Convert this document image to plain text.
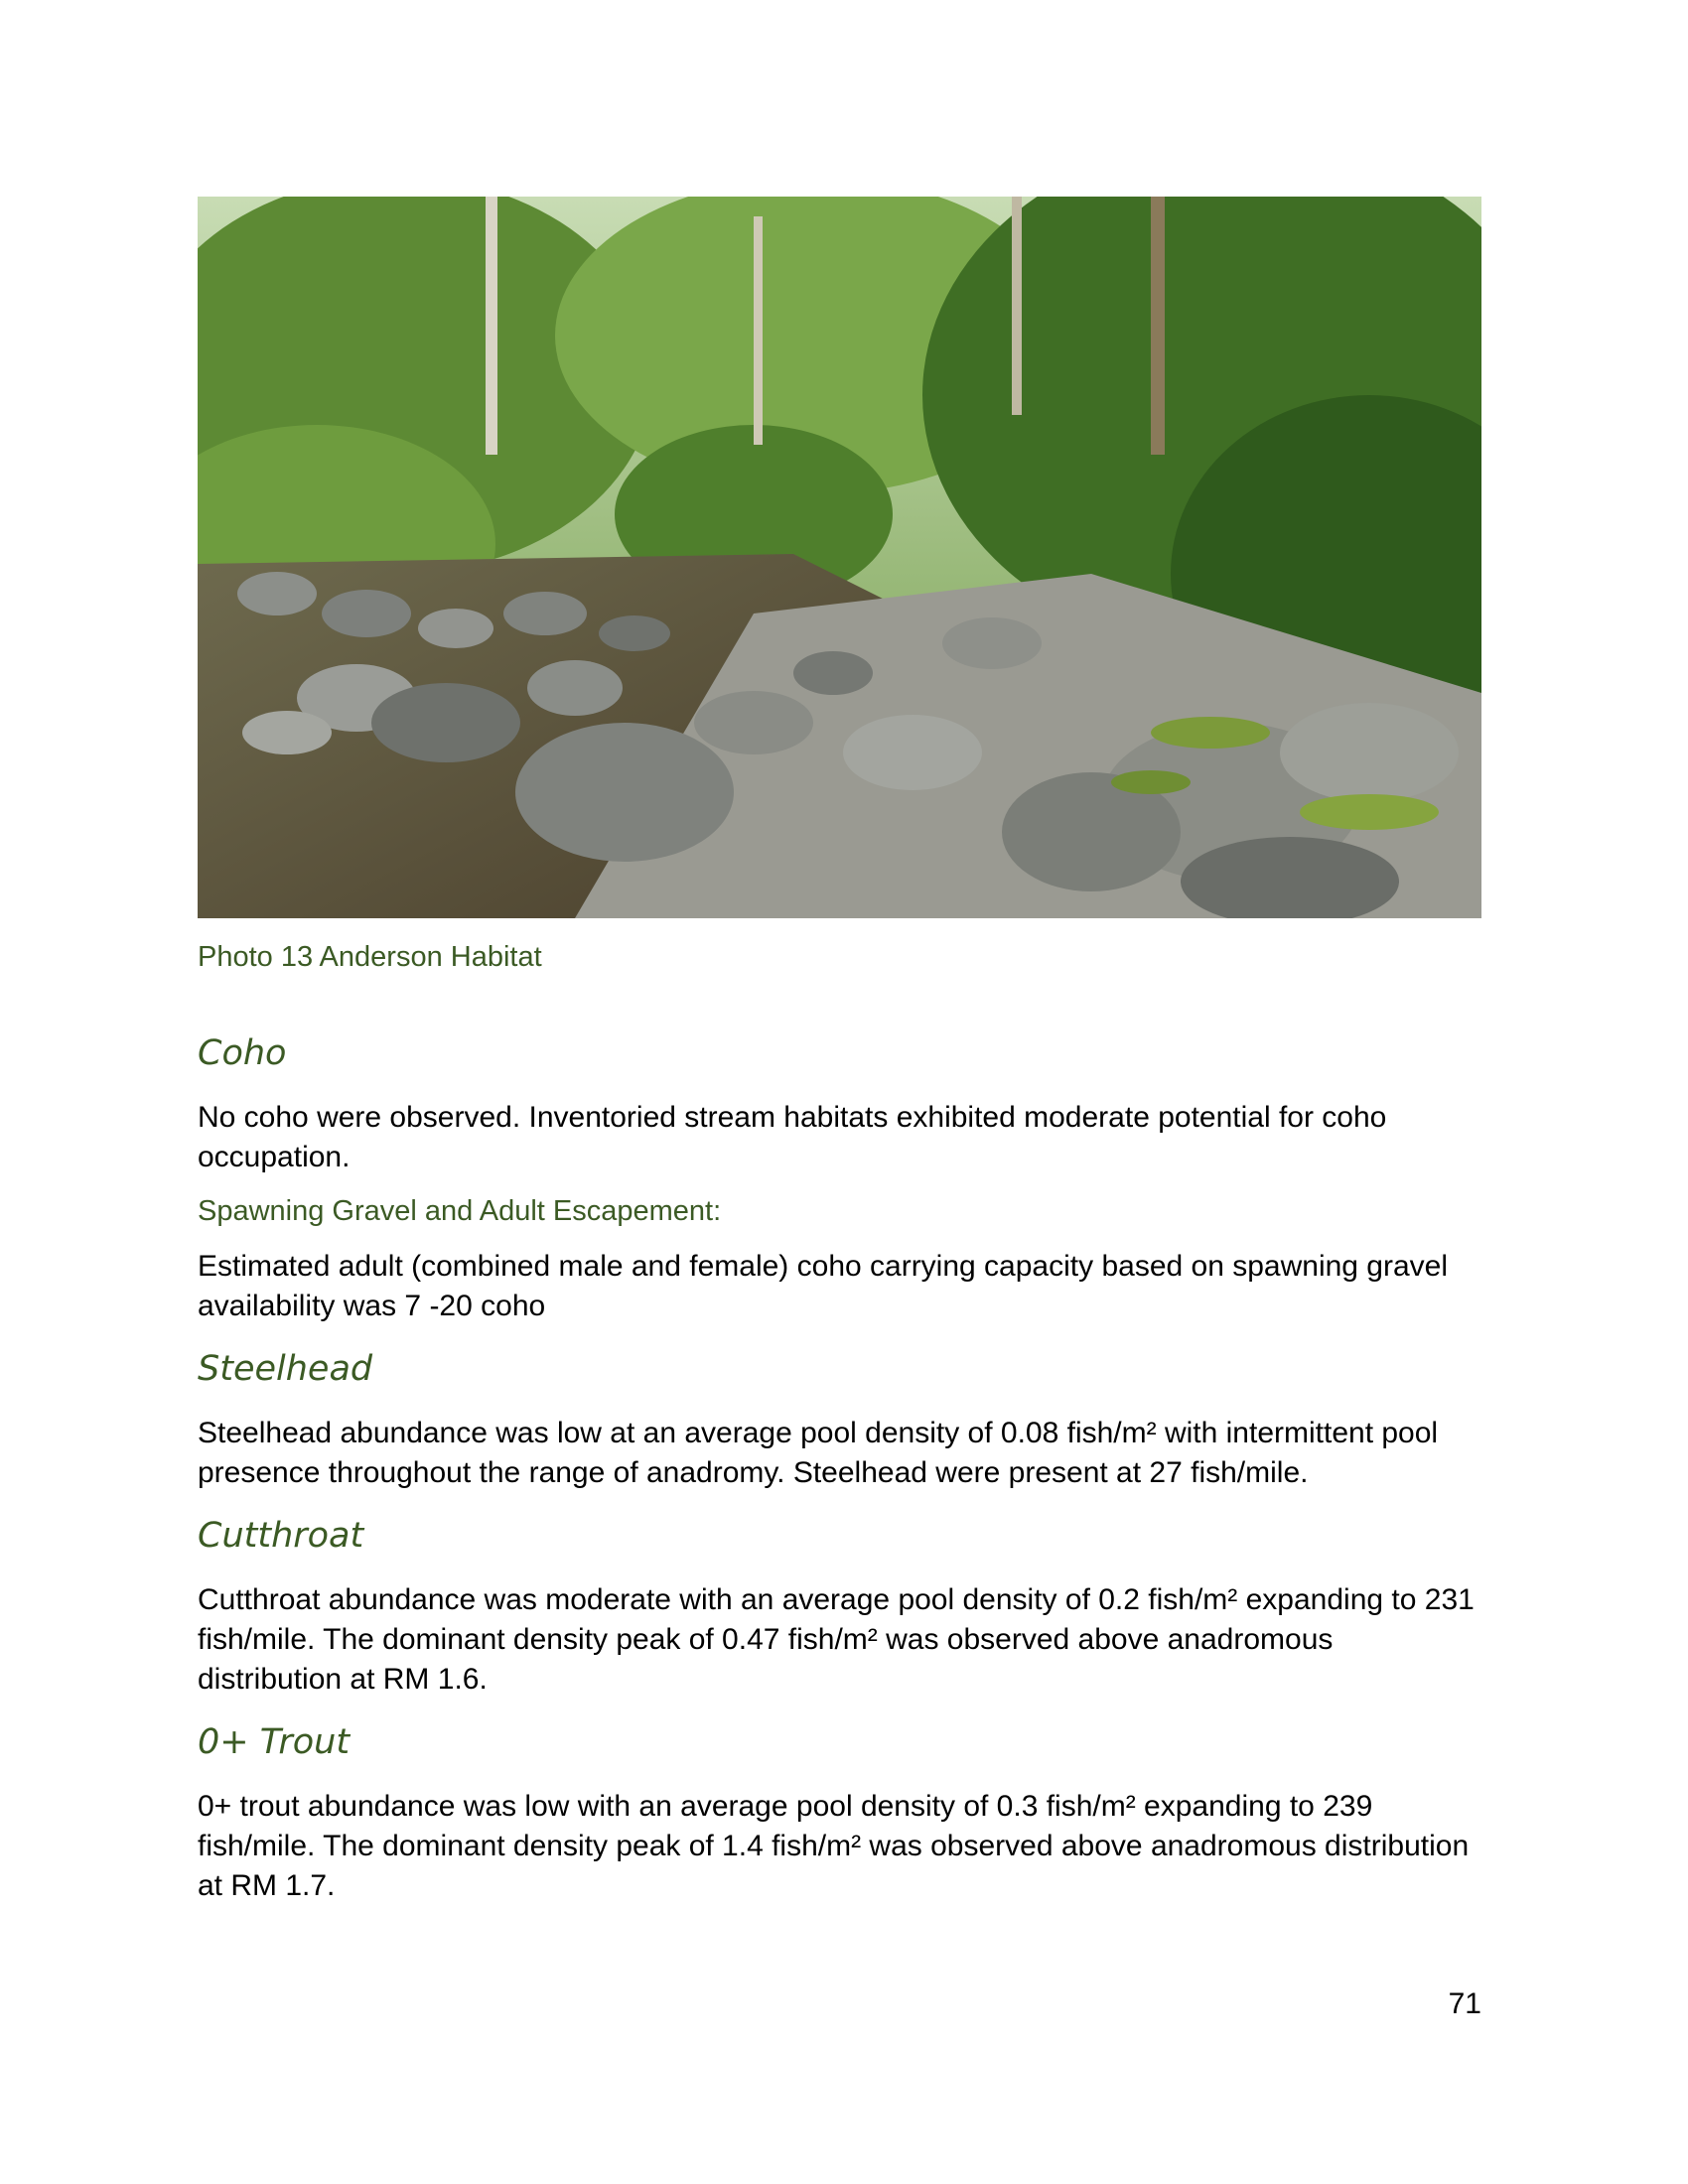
Photo 13 Anderson Habitat

Coho

No coho were observed. Inventoried stream habitats exhibited moderate potential for coho occupation.

Spawning Gravel and Adult Escapement:

Estimated adult (combined male and female) coho carrying capacity based on spawning gravel availability was 7 -20 coho

Steelhead

Steelhead abundance was low at an average pool density of 0.08 fish/m² with intermittent pool presence throughout the range of anadromy. Steelhead were present at 27 fish/mile.

Cutthroat

Cutthroat abundance was moderate with an average pool density of 0.2 fish/m² expanding to 231 fish/mile. The dominant density peak of 0.47 fish/m² was observed above anadromous distribution at RM 1.6.

0+ Trout

0+ trout abundance was low with an average pool density of 0.3 fish/m² expanding to 239 fish/mile. The dominant density peak of 1.4 fish/m² was observed above anadromous distribution at RM 1.7.

71
